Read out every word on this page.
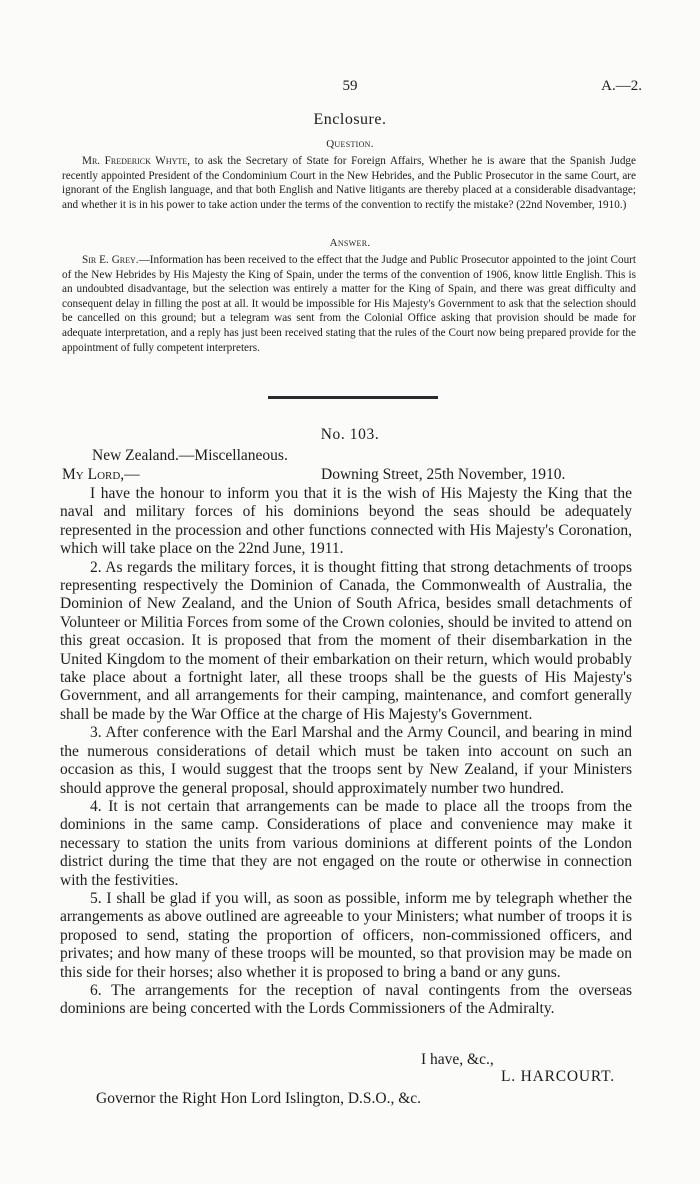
59	A.—2.
Enclosure.
Question.
Mr. Frederick Whyte, to ask the Secretary of State for Foreign Affairs, Whether he is aware that the Spanish Judge recently appointed President of the Condominium Court in the New Hebrides, and the Public Prosecutor in the same Court, are ignorant of the English language, and that both English and Native litigants are thereby placed at a considerable disadvantage; and whether it is in his power to take action under the terms of the convention to rectify the mistake? (22nd November, 1910.)
Answer.
Sir E. Grey.—Information has been received to the effect that the Judge and Public Prosecutor appointed to the joint Court of the New Hebrides by His Majesty the King of Spain, under the terms of the convention of 1906, know little English. This is an undoubted disadvantage, but the selection was entirely a matter for the King of Spain, and there was great difficulty and consequent delay in filling the post at all. It would be impossible for His Majesty's Government to ask that the selection should be cancelled on this ground; but a telegram was sent from the Colonial Office asking that provision should be made for adequate interpretation, and a reply has just been received stating that the rules of the Court now being prepared provide for the appointment of fully competent interpreters.
No. 103.
New Zealand.—Miscellaneous.
My Lord,—	Downing Street, 25th November, 1910.

I have the honour to inform you that it is the wish of His Majesty the King that the naval and military forces of his dominions beyond the seas should be adequately represented in the procession and other functions connected with His Majesty's Coronation, which will take place on the 22nd June, 1911.

2. As regards the military forces, it is thought fitting that strong detachments of troops representing respectively the Dominion of Canada, the Commonwealth of Australia, the Dominion of New Zealand, and the Union of South Africa, besides small detachments of Volunteer or Militia Forces from some of the Crown colonies, should be invited to attend on this great occasion. It is proposed that from the moment of their disembarkation in the United Kingdom to the moment of their embarkation on their return, which would probably take place about a fortnight later, all these troops shall be the guests of His Majesty's Government, and all arrangements for their camping, maintenance, and comfort generally shall be made by the War Office at the charge of His Majesty's Government.

3. After conference with the Earl Marshal and the Army Council, and bearing in mind the numerous considerations of detail which must be taken into account on such an occasion as this, I would suggest that the troops sent by New Zealand, if your Ministers should approve the general proposal, should approximately number two hundred.

4. It is not certain that arrangements can be made to place all the troops from the dominions in the same camp. Considerations of place and convenience may make it necessary to station the units from various dominions at different points of the London district during the time that they are not engaged on the route or otherwise in connection with the festivities.

5. I shall be glad if you will, as soon as possible, inform me by telegraph whether the arrangements as above outlined are agreeable to your Ministers; what number of troops it is proposed to send, stating the proportion of officers, non-commissioned officers, and privates; and how many of these troops will be mounted, so that provision may be made on this side for their horses; also whether it is proposed to bring a band or any guns.

6. The arrangements for the reception of naval contingents from the overseas dominions are being concerted with the Lords Commissioners of the Admiralty.

I have, &c.,
L. HARCOURT.
Governor the Right Hon Lord Islington, D.S.O., &c.
